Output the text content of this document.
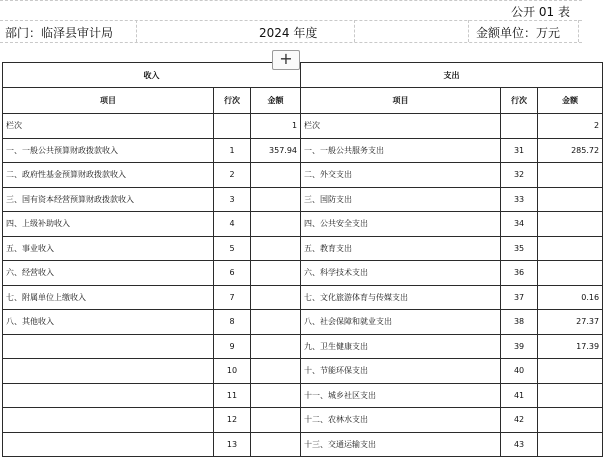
公开 01 表
部门：临泽县审计局	2024 年度	金额单位：万元
收入			支出		
项目	行次	金额	项目	行次	金额
栏次		1	栏次		2
一、一般公共预算财政拨款收入	1	357.94	一、一般公共服务支出	31	285.72
二、政府性基金预算财政拨款收入	2		二、外交支出	32	
三、国有资本经营预算财政拨款收入	3		三、国防支出	33	
四、上级补助收入	4		四、公共安全支出	34	
五、事业收入	5		五、教育支出	35	
六、经营收入	6		六、科学技术支出	36	
七、附属单位上缴收入	7		七、文化旅游体育与传媒支出	37	0.16
八、其他收入	8		八、社会保障和就业支出	38	27.37
	9		九、卫生健康支出	39	17.39
	10		十、节能环保支出	40	
	11		十一、城乡社区支出	41	
	12		十二、农林水支出	42	
	13		十三、交通运输支出	43	
+
